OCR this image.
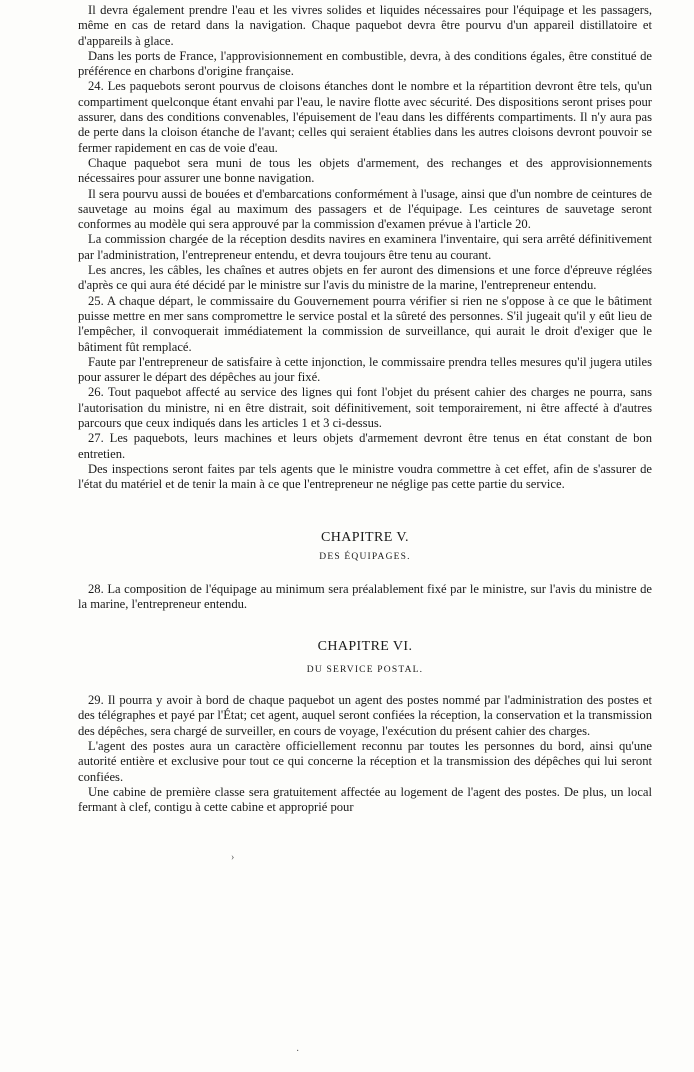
Il devra également prendre l'eau et les vivres solides et liquides nécessaires pour l'équipage et les passagers, même en cas de retard dans la navigation. Chaque paquebot devra être pourvu d'un appareil distillatoire et d'appareils à glace.

Dans les ports de France, l'approvisionnement en combustible, devra, à des conditions égales, être constitué de préférence en charbons d'origine française.

24. Les paquebots seront pourvus de cloisons étanches dont le nombre et la répartition devront être tels, qu'un compartiment quelconque étant envahi par l'eau, le navire flotte avec sécurité. Des dispositions seront prises pour assurer, dans des conditions convenables, l'épuisement de l'eau dans les différents compartiments. Il n'y aura pas de perte dans la cloison étanche de l'avant; celles qui seraient établies dans les autres cloisons devront pouvoir se fermer rapidement en cas de voie d'eau.

Chaque paquebot sera muni de tous les objets d'armement, des rechanges et des approvisionnements nécessaires pour assurer une bonne navigation.

Il sera pourvu aussi de bouées et d'embarcations conformément à l'usage, ainsi que d'un nombre de ceintures de sauvetage au moins égal au maximum des passagers et de l'équipage. Les ceintures de sauvetage seront conformes au modèle qui sera approuvé par la commission d'examen prévue à l'article 20.

La commission chargée de la réception desdits navires en examinera l'inventaire, qui sera arrêté définitivement par l'administration, l'entrepreneur entendu, et devra toujours être tenu au courant.

Les ancres, les câbles, les chaînes et autres objets en fer auront des dimensions et une force d'épreuve réglées d'après ce qui aura été décidé par le ministre sur l'avis du ministre de la marine, l'entrepreneur entendu.

25. A chaque départ, le commissaire du Gouvernement pourra vérifier si rien ne s'oppose à ce que le bâtiment puisse mettre en mer sans compromettre le service postal et la sûreté des personnes. S'il jugeait qu'il y eût lieu de l'empêcher, il convoquerait immédiatement la commission de surveillance, qui aurait le droit d'exiger que le bâtiment fût remplacé.

Faute par l'entrepreneur de satisfaire à cette injonction, le commissaire prendra telles mesures qu'il jugera utiles pour assurer le départ des dépêches au jour fixé.

26. Tout paquebot affecté au service des lignes qui font l'objet du présent cahier des charges ne pourra, sans l'autorisation du ministre, ni en être distrait, soit définitivement, soit temporairement, ni être affecté à d'autres parcours que ceux indiqués dans les articles 1 et 3 ci-dessus.

27. Les paquebots, leurs machines et leurs objets d'armement devront être tenus en état constant de bon entretien.

Des inspections seront faites par tels agents que le ministre voudra commettre à cet effet, afin de s'assurer de l'état du matériel et de tenir la main à ce que l'entrepreneur ne néglige pas cette partie du service.

CHAPITRE V.
DES ÉQUIPAGES.

28. La composition de l'équipage au minimum sera préalablement fixé par le ministre, sur l'avis du ministre de la marine, l'entrepreneur entendu.

CHAPITRE VI.
DU SERVICE POSTAL.

29. Il pourra y avoir à bord de chaque paquebot un agent des postes nommé par l'administration des postes et des télégraphes et payé par l'État; cet agent, auquel seront confiées la réception, la conservation et la transmission des dépêches, sera chargé de surveiller, en cours de voyage, l'exécution du présent cahier des charges.

L'agent des postes aura un caractère officiellement reconnu par toutes les personnes du bord, ainsi qu'une autorité entière et exclusive pour tout ce qui concerne la réception et la transmission des dépêches qui lui seront confiées.

Une cabine de première classe sera gratuitement affectée au logement de l'agent des postes. De plus, un local fermant à clef, contigu à cette cabine et approprié pour

›
·
